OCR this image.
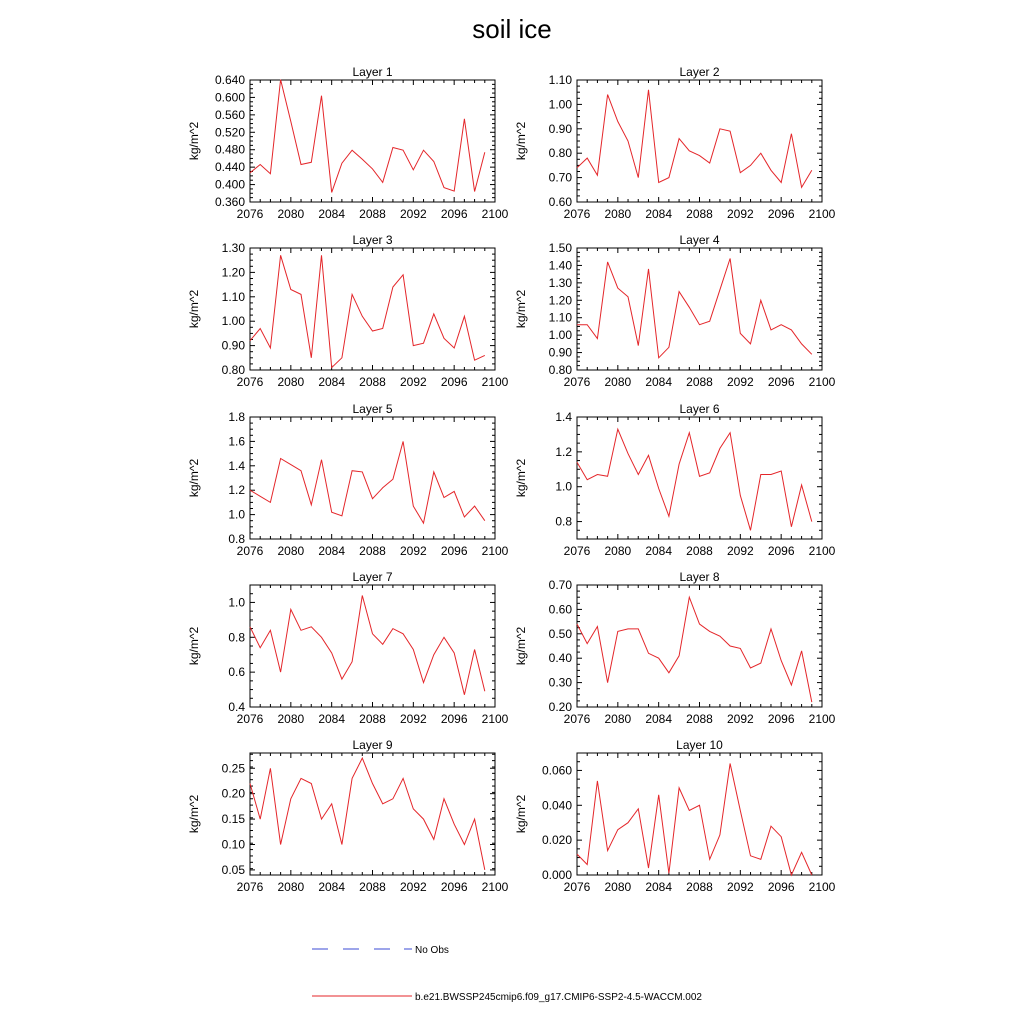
soil ice
Layer 1
2076 2080 2084 2088 2092 2096 2100
0.360
0.400
0.440
0.480
0.520
0.560
0.600
0.640
kg/m^2
Layer 2
2076 2080 2084 2088 2092 2096 2100
0.60
0.70
0.80
0.90
1.00
1.10
kg/m^2
Layer 3
2076 2080 2084 2088 2092 2096 2100
0.80
0.90
1.00
1.10
1.20
1.30
kg/m^2
Layer 4
2076 2080 2084 2088 2092 2096 2100
0.80
0.90
1.00
1.10
1.20
1.30
1.40
1.50
kg/m^2
Layer 5
2076 2080 2084 2088 2092 2096 2100
0.8
1.0
1.2
1.4
1.6
1.8
kg/m^2
Layer 6
2076 2080 2084 2088 2092 2096 2100
0.8
1.0
1.2
1.4
kg/m^2
Layer 7
2076 2080 2084 2088 2092 2096 2100
0.4
0.6
0.8
1.0
kg/m^2
Layer 8
2076 2080 2084 2088 2092 2096 2100
0.20
0.30
0.40
0.50
0.60
0.70
kg/m^2
Layer 9
2076 2080 2084 2088 2092 2096 2100
0.05
0.10
0.15
0.20
0.25
kg/m^2
Layer 10
2076 2080 2084 2088 2092 2096 2100
0.000
0.020
0.040
0.060
kg/m^2
No Obs
b.e21.BWSSP245cmip6.f09_g17.CMIP6-SSP2-4.5-WACCM.002
